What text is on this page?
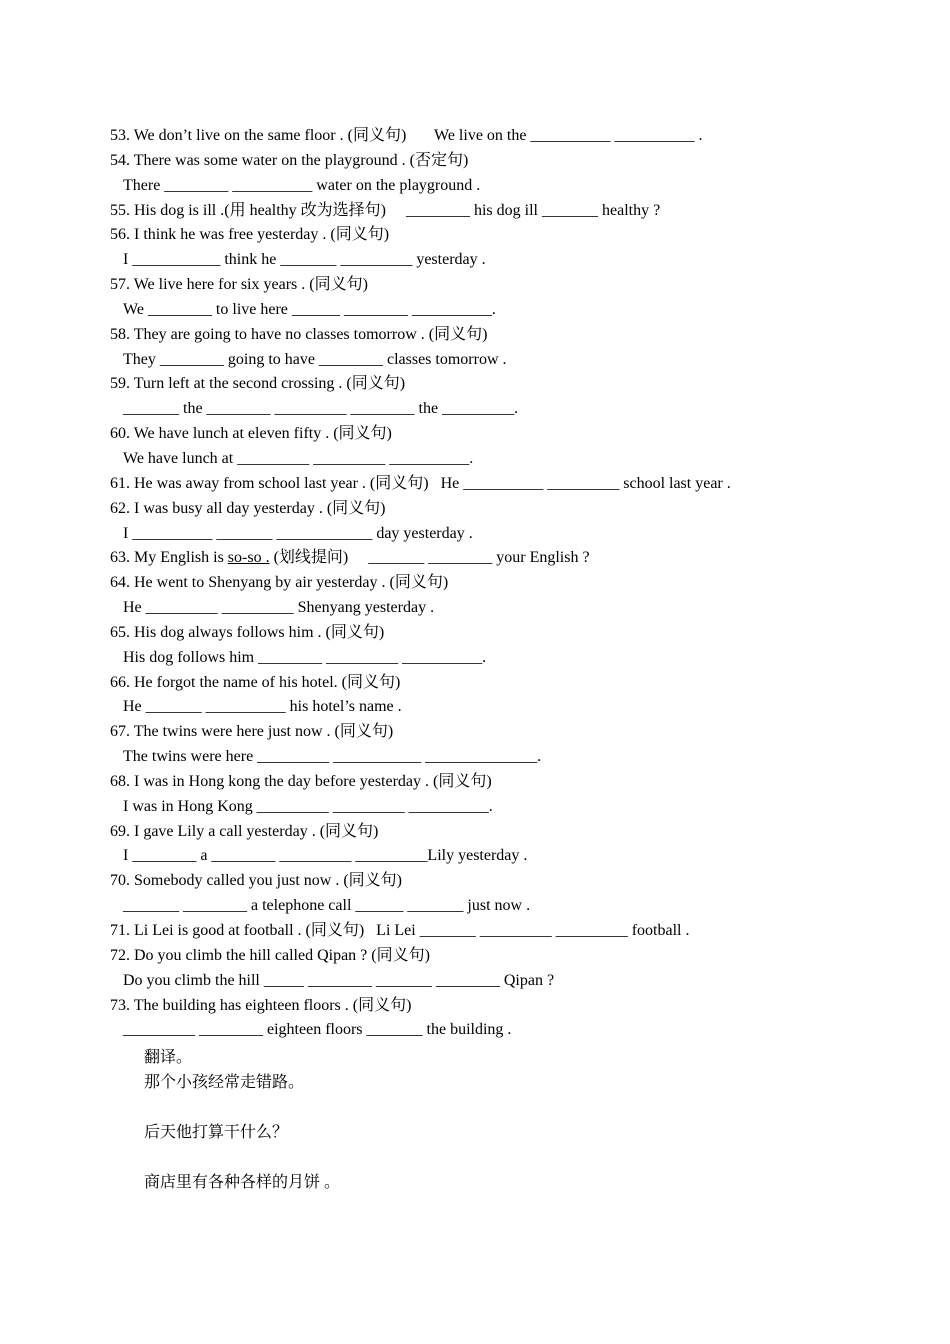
53. We don’t live on the same floor . (同义句)       We live on the __________ __________ .
54. There was some water on the playground . (否定句)
There ________ __________ water on the playground .
55. His dog is ill .(用 healthy 改为选择句)     ________ his dog ill _______ healthy ?
56. I think he was free yesterday . (同义句)
I ___________ think he _______ _________ yesterday .
57. We live here for six years . (同义句)
We ________ to live here ______ ________ __________.
58. They are going to have no classes tomorrow . (同义句)
They ________ going to have ________ classes tomorrow .
59. Turn left at the second crossing . (同义句)
_______ the ________ _________ ________ the _________.
60. We have lunch at eleven fifty . (同义句)
We have lunch at _________ _________ __________.
61. He was away from school last year . (同义句)   He __________ _________ school last year .
62. I was busy all day yesterday . (同义句)
I __________ _______ ____________ day yesterday .
63. My English is so-so . (划线提问)     _______ ________ your English ?
64. He went to Shenyang by air yesterday . (同义句)
He _________ _________ Shenyang yesterday .
65. His dog always follows him . (同义句)
His dog follows him ________ _________ __________.
66. He forgot the name of his hotel. (同义句)
He _______ __________ his hotel’s name .
67. The twins were here just now . (同义句)
The twins were here _________ ___________ ______________.
68. I was in Hong kong the day before yesterday . (同义句)
I was in Hong Kong _________ _________ __________.
69. I gave Lily a call yesterday . (同义句)
I ________ a ________ _________ _________Lily yesterday .
70. Somebody called you just now . (同义句)
_______ ________ a telephone call ______ _______ just now .
71. Li Lei is good at football . (同义句)   Li Lei _______ _________ _________ football .
72. Do you climb the hill called Qipan ? (同义句)
Do you climb the hill _____ ________ _______ ________ Qipan ?
73. The building has eighteen floors . (同义句)
_________ ________ eighteen floors _______ the building .
翻译。
那个小孩经常走错路。
后天他打算干什么？
商店里有各种各样的月饼 。
